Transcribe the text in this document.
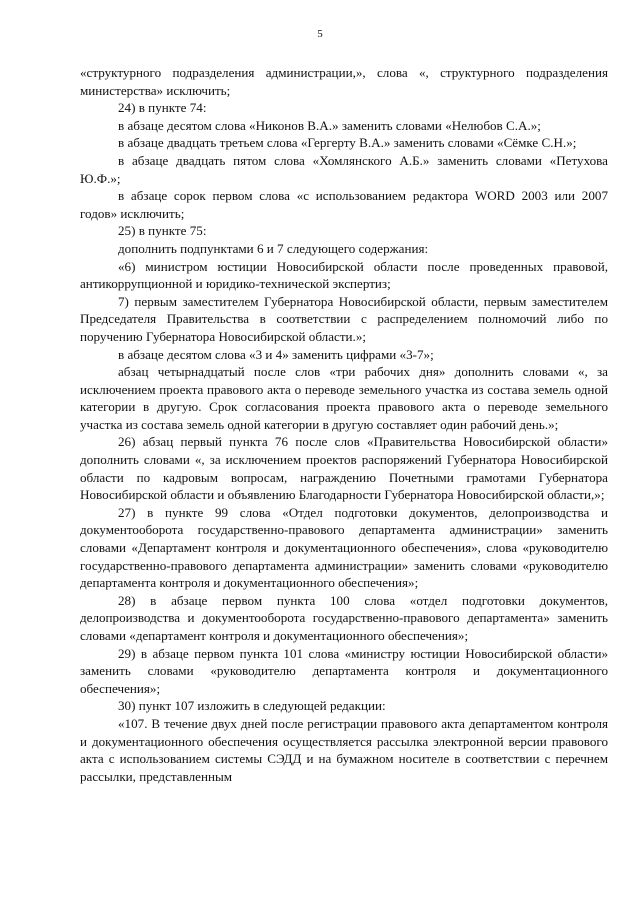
5

«структурного подразделения администрации,», слова «, структурного подразделения министерства» исключить;

24) в пункте 74:

в абзаце десятом слова «Никонов В.А.» заменить словами «Нелюбов С.А.»;

в абзаце двадцать третьем слова «Гергерту В.А.» заменить словами «Сёмке С.Н.»;

в абзаце двадцать пятом слова «Хомлянского А.Б.» заменить словами «Петухова Ю.Ф.»;

в абзаце сорок первом слова «с использованием редактора WORD 2003 или 2007 годов» исключить;

25) в пункте 75:

дополнить подпунктами 6 и 7 следующего содержания:

«6) министром юстиции Новосибирской области после проведенных правовой, антикоррупционной и юридико-технической экспертиз;

7) первым заместителем Губернатора Новосибирской области, первым заместителем Председателя Правительства в соответствии с распределением полномочий либо по поручению Губернатора Новосибирской области.»;

в абзаце десятом слова «3 и 4» заменить цифрами «3-7»;

абзац четырнадцатый после слов «три рабочих дня» дополнить словами «, за исключением проекта правового акта о переводе земельного участка из состава земель одной категории в другую. Срок согласования проекта правового акта о переводе земельного участка из состава земель одной категории в другую составляет один рабочий день.»;

26) абзац первый пункта 76 после слов «Правительства Новосибирской области» дополнить словами «, за исключением проектов распоряжений Губернатора Новосибирской области по кадровым вопросам, награждению Почетными грамотами Губернатора Новосибирской области и объявлению Благодарности Губернатора Новосибирской области,»;

27) в пункте 99 слова «Отдел подготовки документов, делопроизводства и документооборота государственно-правового департамента администрации» заменить словами «Департамент контроля и документационного обеспечения», слова «руководителю государственно-правового департамента администрации» заменить словами «руководителю департамента контроля и документационного обеспечения»;

28) в абзаце первом пункта 100 слова «отдел подготовки документов, делопроизводства и документооборота государственно-правового департамента» заменить словами «департамент контроля и документационного обеспечения»;

29) в абзаце первом пункта 101 слова «министру юстиции Новосибирской области» заменить словами «руководителю департамента контроля и документационного обеспечения»;

30) пункт 107 изложить в следующей редакции:

«107. В течение двух дней после регистрации правового акта департаментом контроля и документационного обеспечения осуществляется рассылка электронной версии правового акта с использованием системы СЭДД и на бумажном носителе в соответствии с перечнем рассылки, представленным
